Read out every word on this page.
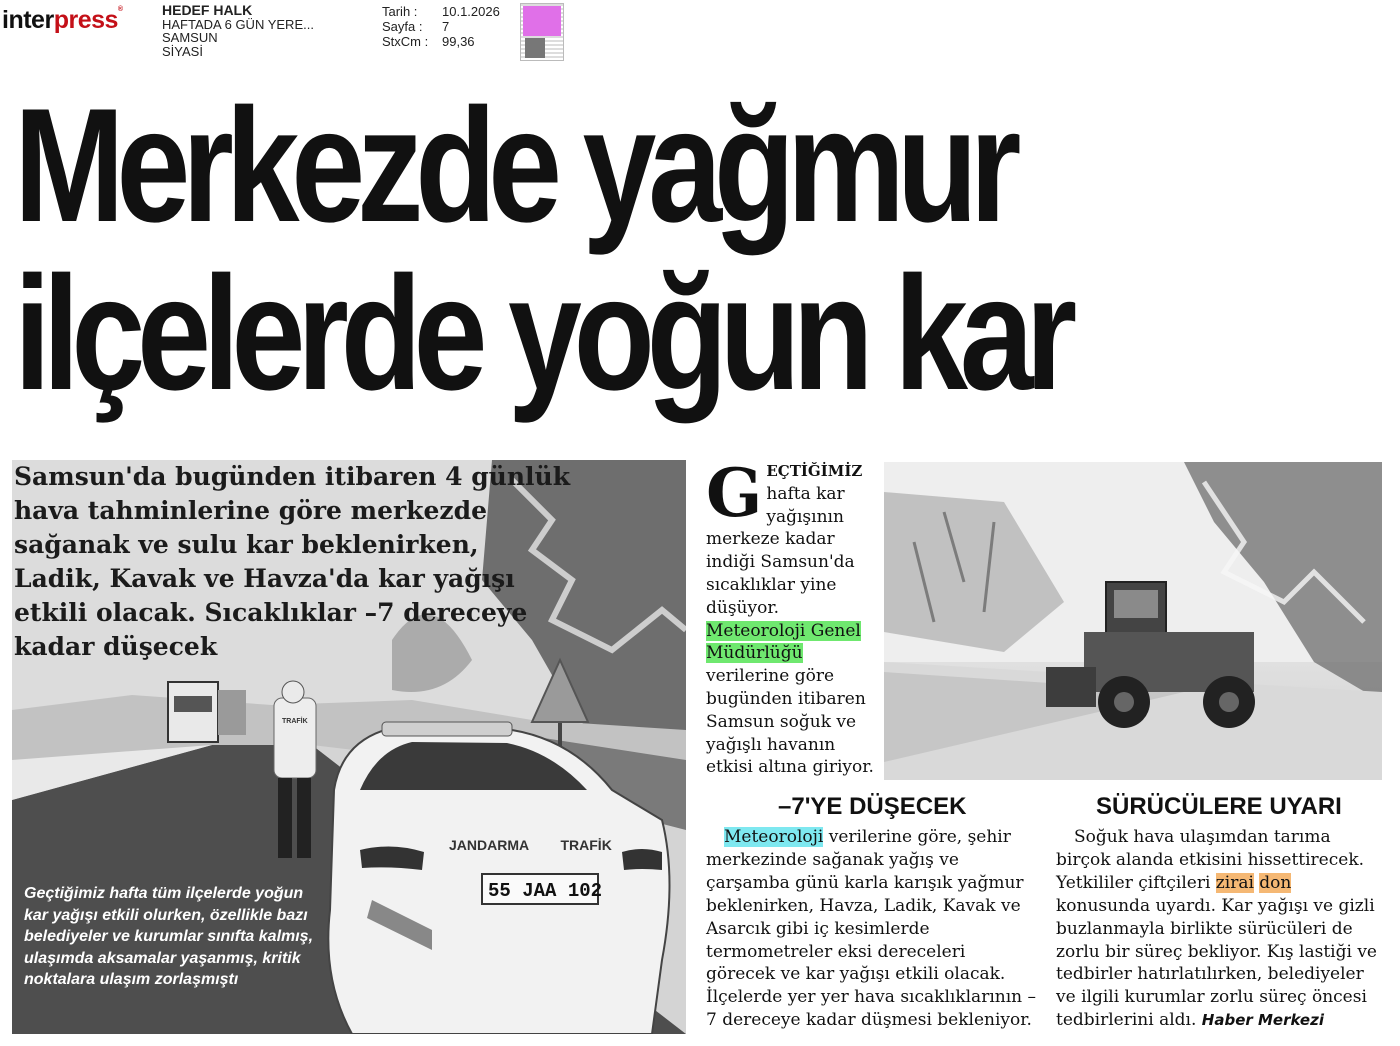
interpress®	HEDEF HALK
HAFTADA 6 GÜN YERE...
SAMSUN
SİYASİ
Tarih :	10.1.2026
Sayfa :	7
StxCm :	99,36
Merkezde yağmur
ilçelerde yoğun kar
JANDARMA TRAFİK
55 JAA 102
TRAFİK
Samsun'da bugünden itibaren 4 günlük hava tahminlerine göre merkezde sağanak ve sulu kar beklenirken, Ladik, Kavak ve Havza'da kar yağışı etkili olacak. Sıcaklıklar –7 dereceye kadar düşecek
Geçtiğimiz hafta tüm ilçelerde yoğun kar yağışı etkili olurken, özellikle bazı belediyeler ve kurumlar sınıfta kalmış, ulaşımda aksamalar yaşanmış, kritik noktalara ulaşım zorlaşmıştı
GEÇTİĞİMİZ hafta kar yağışının merkeze kadar indiği Samsun'da sıcaklıklar yine düşüyor. Meteoroloji Genel Müdürlüğü verilerine göre bugünden itibaren Samsun soğuk ve yağışlı havanın etkisi altına giriyor.
–7'YE DÜŞECEK
Meteoroloji verilerine göre, şehir merkezinde sağanak yağış ve çarşamba günü karla karışık yağmur beklenirken, Havza, Ladik, Kavak ve Asarcık gibi iç kesimlerde termometreler eksi dereceleri görecek ve kar yağışı etkili olacak. İlçelerde yer yer hava sıcaklıklarının –7 dereceye kadar düşmesi bekleniyor.
SÜRÜCÜLERE UYARI
Soğuk hava ulaşımdan tarıma birçok alanda etkisini hissettirecek. Yetkililer çiftçileri zirai don konusunda uyardı. Kar yağışı ve gizli buzlanmayla birlikte sürücüleri de zorlu bir süreç bekliyor. Kış lastiği ve tedbirler hatırlatılırken, belediyeler ve ilgili kurumlar zorlu süreç öncesi tedbirlerini aldı. Haber Merkezi
